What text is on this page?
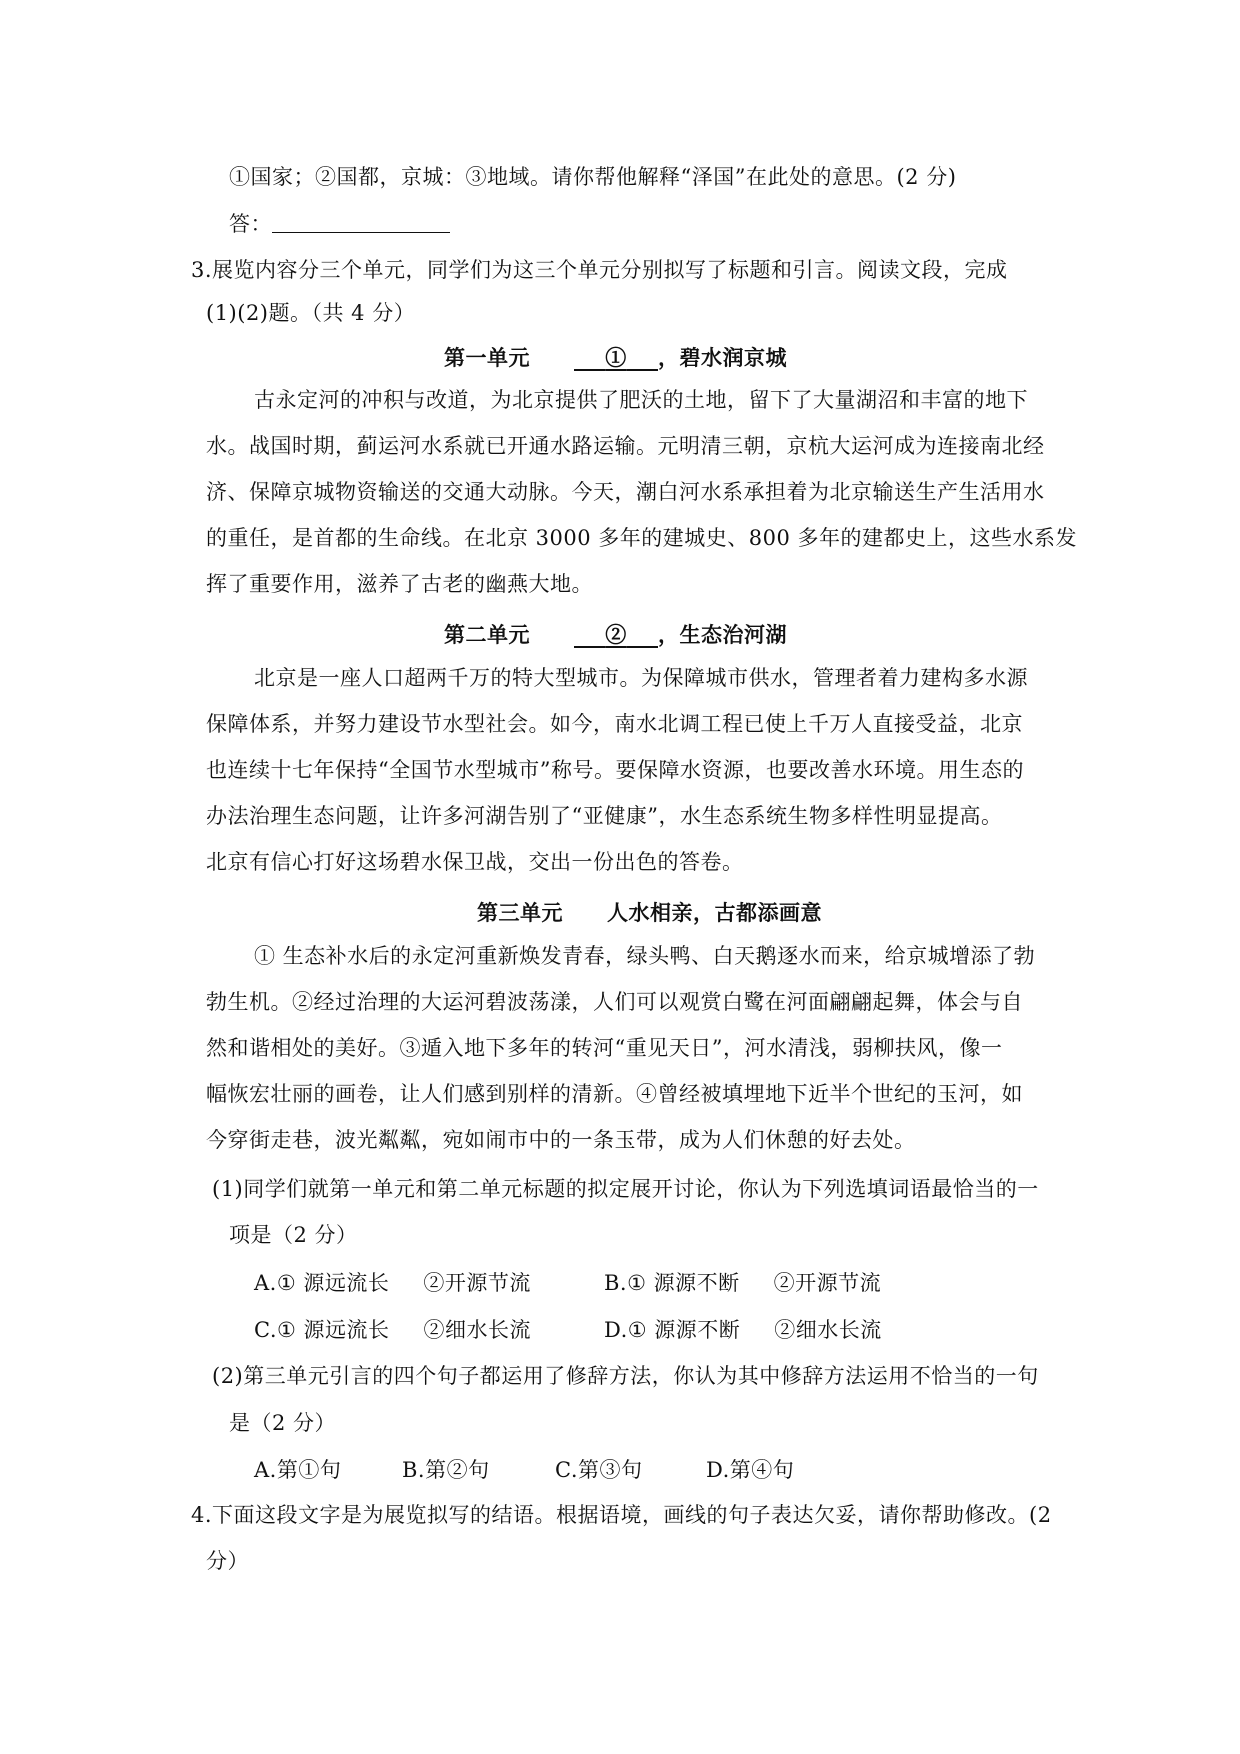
①国家；②国都，京城：③地域。请你帮他解释“泽国”在此处的意思。(2 分)
答：
3.展览内容分三个单元，同学们为这三个单元分别拟写了标题和引言。阅读文段，完成
(1)(2)题。（共 4 分）
第一单元	① ，碧水润京城
古永定河的冲积与改道，为北京提供了肥沃的土地，留下了大量湖沼和丰富的地下
水。战国时期，蓟运河水系就已开通水路运输。元明清三朝，京杭大运河成为连接南北经
济、保障京城物资输送的交通大动脉。今天，潮白河水系承担着为北京输送生产生活用水
的重任，是首都的生命线。在北京 3000 多年的建城史、800 多年的建都史上，这些水系发
挥了重要作用，滋养了古老的幽燕大地。
第二单元	② ，生态治河湖
北京是一座人口超两千万的特大型城市。为保障城市供水，管理者着力建构多水源
保障体系，并努力建设节水型社会。如今，南水北调工程已使上千万人直接受益，北京
也连续十七年保持“全国节水型城市”称号。要保障水资源，也要改善水环境。用生态的
办法治理生态问题，让许多河湖告别了“亚健康”，水生态系统生物多样性明显提高。
北京有信心打好这场碧水保卫战，交出一份出色的答卷。
第三单元 人水相亲，古都添画意
① 生态补水后的永定河重新焕发青春，绿头鸭、白天鹅逐水而来，给京城增添了勃
勃生机。②经过治理的大运河碧波荡漾，人们可以观赏白鹭在河面翩翩起舞，体会与自
然和谐相处的美好。③遁入地下多年的转河“重见天日”，河水清浅，弱柳扶风，像一
幅恢宏壮丽的画卷，让人们感到别样的清新。④曾经被填埋地下近半个世纪的玉河，如
今穿街走巷，波光粼粼，宛如闹市中的一条玉带，成为人们休憩的好去处。
(1)同学们就第一单元和第二单元标题的拟定展开讨论，你认为下列选填词语最恰当的一
项是（2 分）
A.① 源远流长 ②开源节流	B.① 源源不断 ②开源节流
C.① 源远流长 ②细水长流	D.① 源源不断 ②细水长流
(2)第三单元引言的四个句子都运用了修辞方法，你认为其中修辞方法运用不恰当的一句
是（2 分）
A.第①句	B.第②句	C.第③句	D.第④句
4.下面这段文字是为展览拟写的结语。根据语境，画线的句子表达欠妥，请你帮助修改。(2
分）
